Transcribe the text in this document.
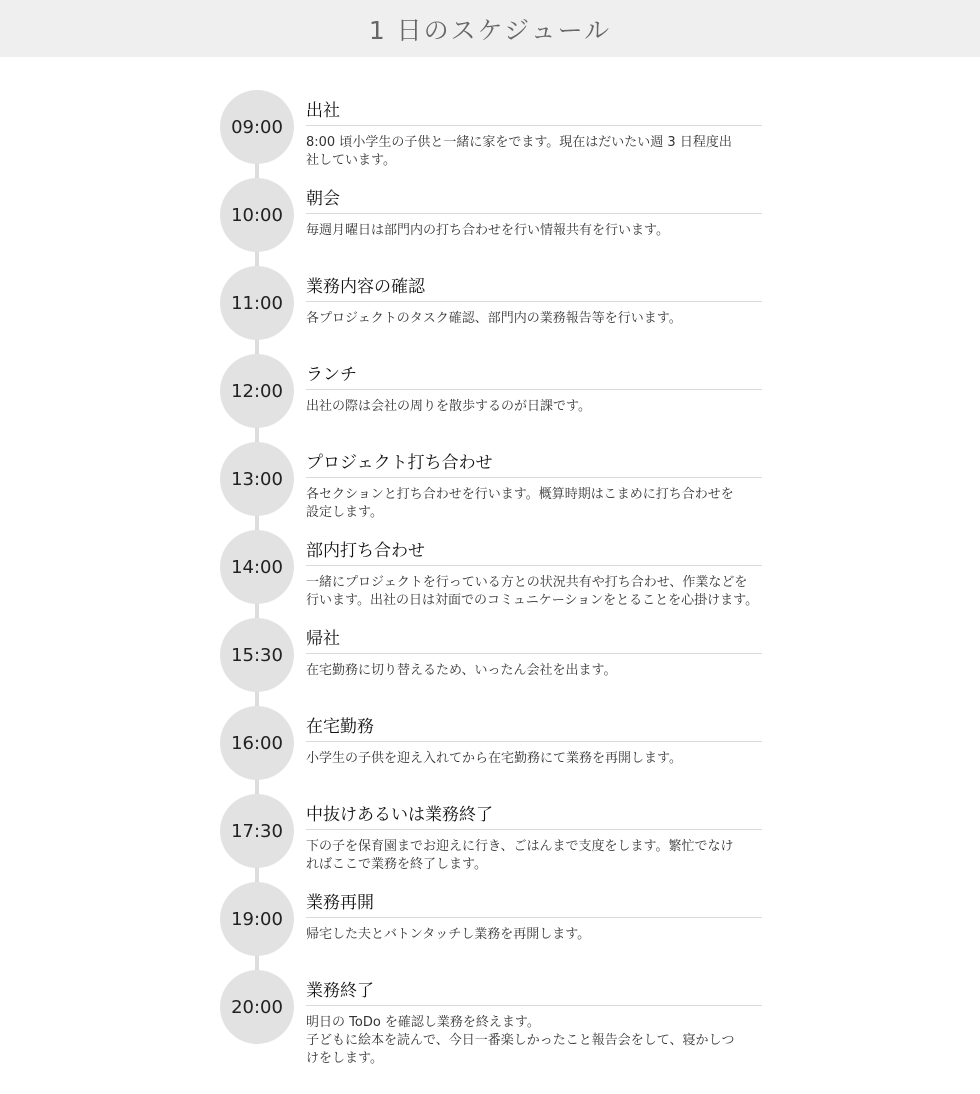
1 日のスケジュール
09:00
出社
8:00 頃小学生の子供と一緒に家をでます。現在はだいたい週 3 日程度出
社しています。
10:00
朝会
毎週月曜日は部門内の打ち合わせを行い情報共有を行います。
11:00
業務内容の確認
各プロジェクトのタスク確認、部門内の業務報告等を行います。
12:00
ランチ
出社の際は会社の周りを散歩するのが日課です。
13:00
プロジェクト打ち合わせ
各セクションと打ち合わせを行います。概算時期はこまめに打ち合わせを
設定します。
14:00
部内打ち合わせ
一緒にプロジェクトを行っている方との状況共有や打ち合わせ、作業などを
行います。出社の日は対面でのコミュニケーションをとることを心掛けます。
15:30
帰社
在宅勤務に切り替えるため、いったん会社を出ます。
16:00
在宅勤務
小学生の子供を迎え入れてから在宅勤務にて業務を再開します。
17:30
中抜けあるいは業務終了
下の子を保育園までお迎えに行き、ごはんまで支度をします。繁忙でなけ
ればここで業務を終了します。
19:00
業務再開
帰宅した夫とバトンタッチし業務を再開します。
20:00
業務終了
明日の ToDo を確認し業務を終えます。
子どもに絵本を読んで、今日一番楽しかったこと報告会をして、寝かしつ
けをします。
